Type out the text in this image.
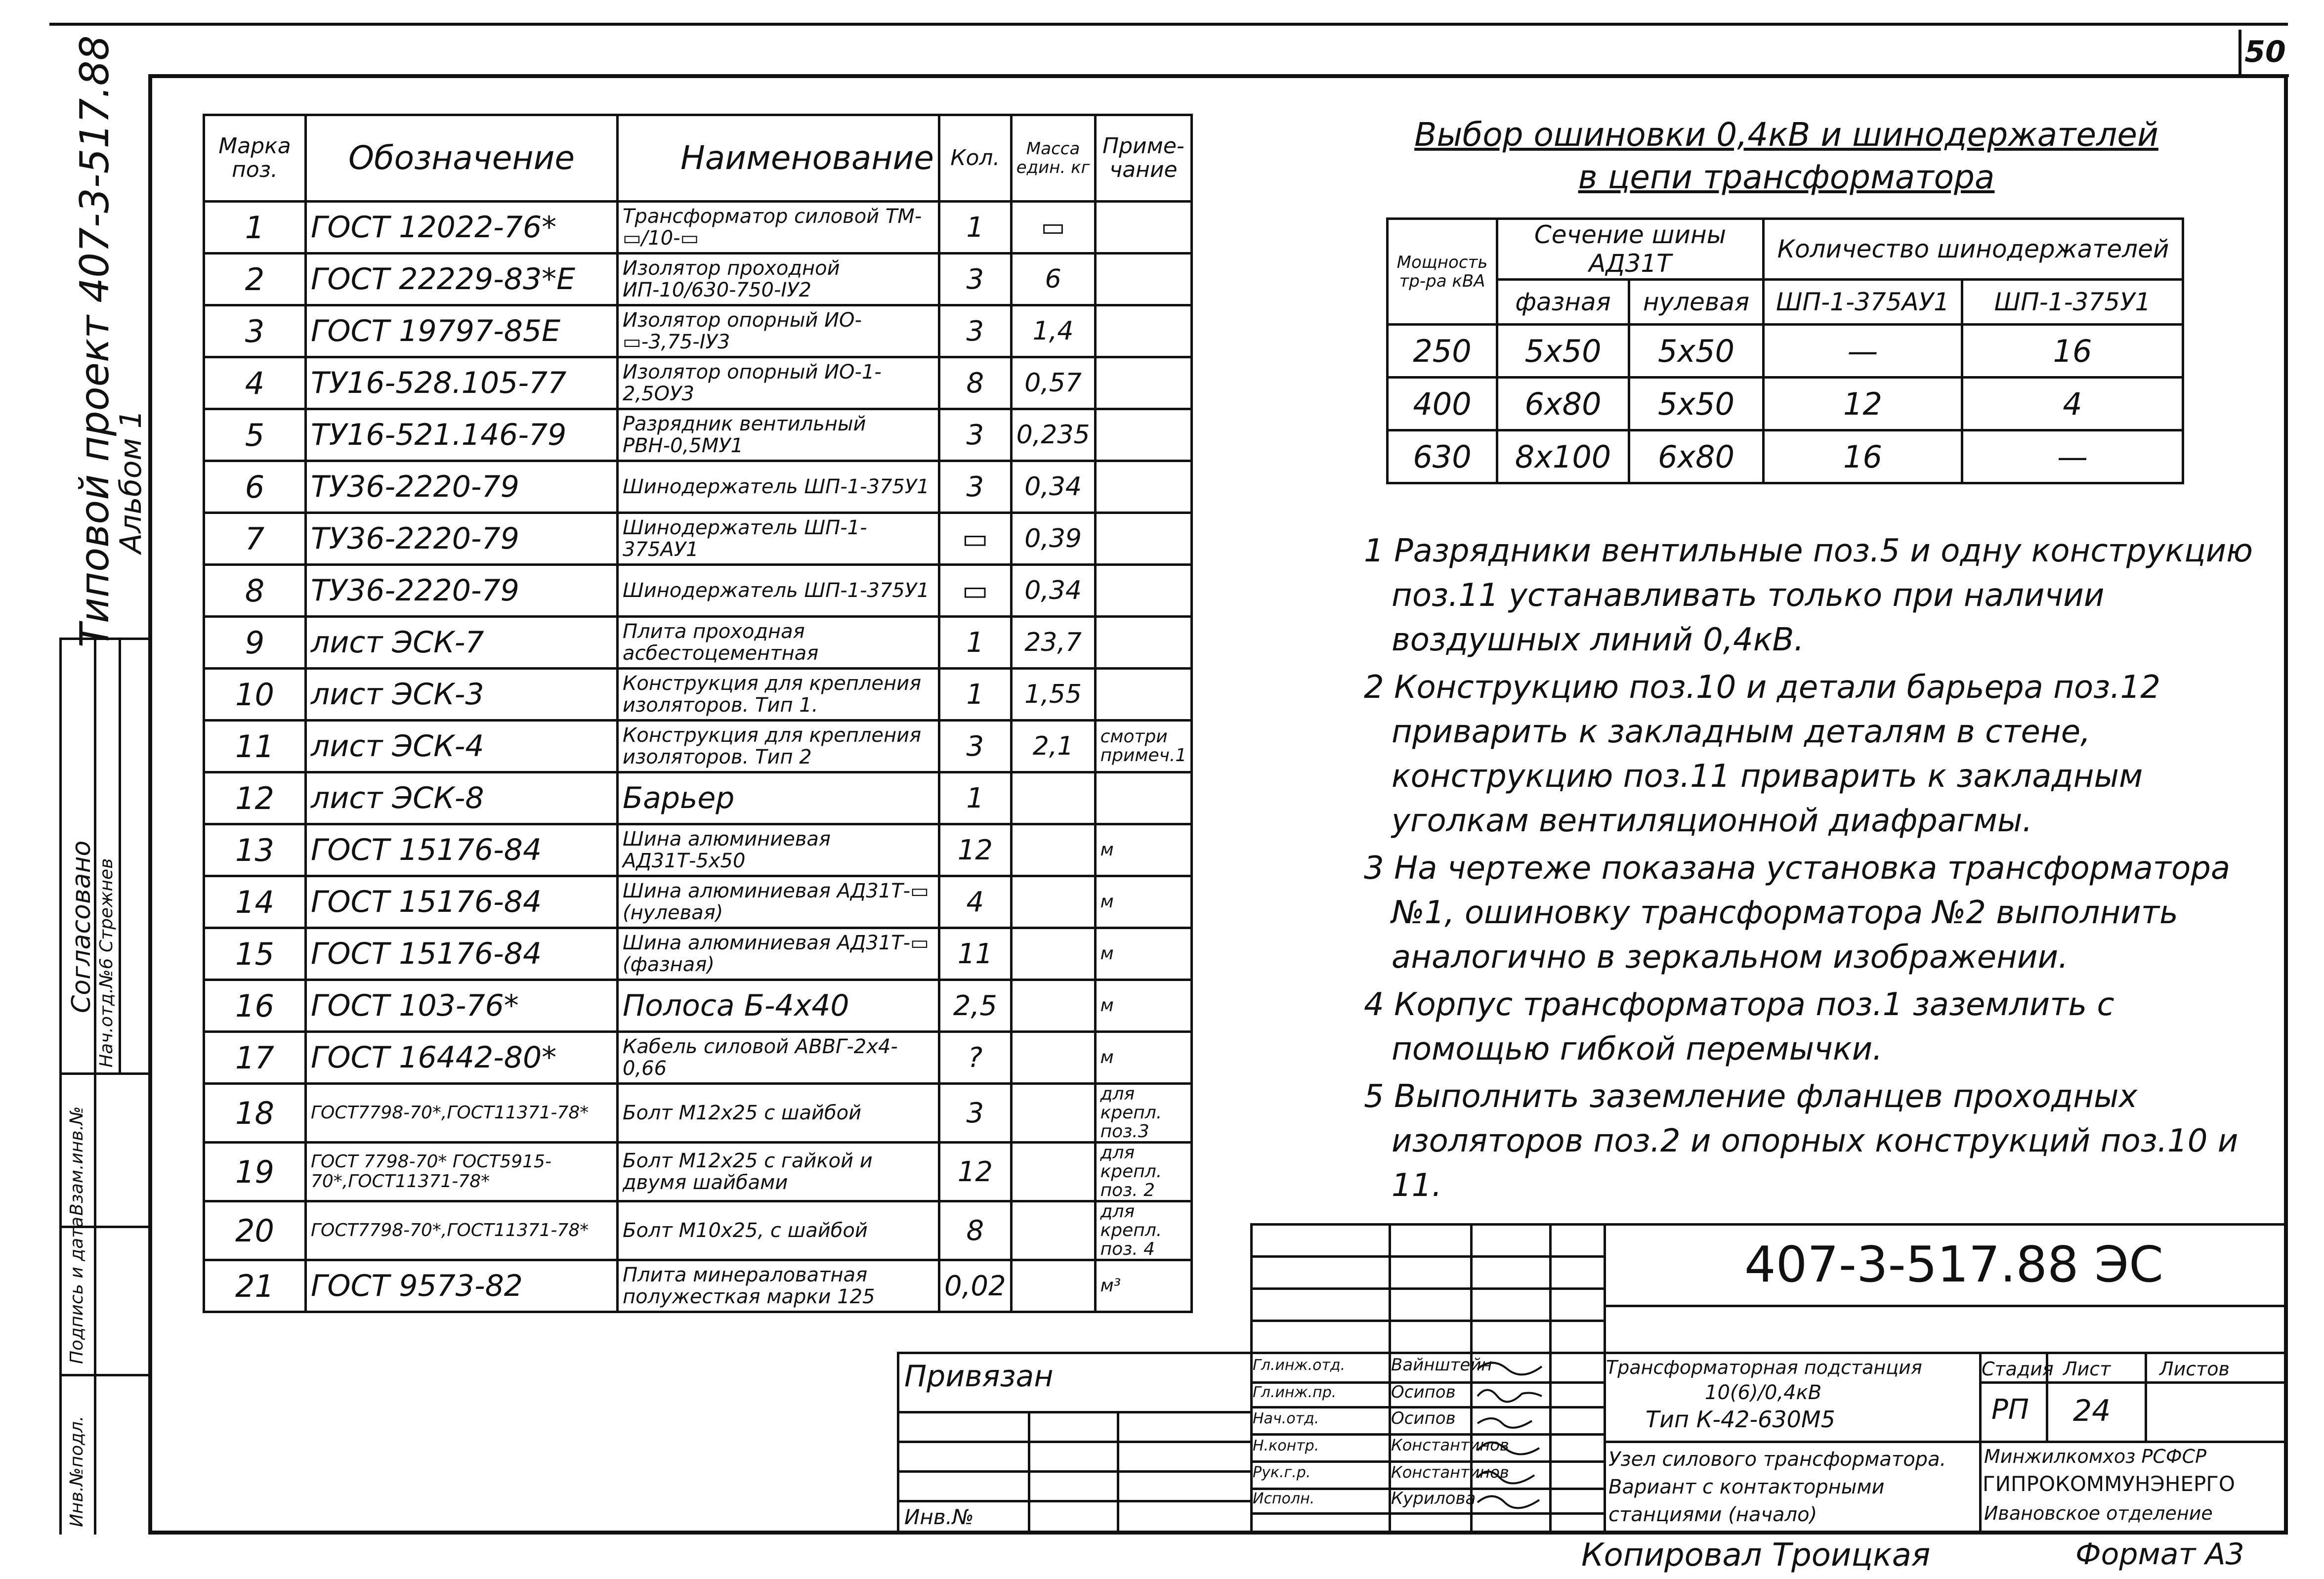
50
Типовой проект 407-3-517.88
Альбом 1
Согласовано Нач.отд.№6 Стрежнев
Взам.инв.№
Подпись и дата
Инв.№подл.
Марка поз.	Обозначение	Наименование	Кол.	Масса един. кг	Приме-чание
1	ГОСТ 12022-76*	Трансформатор силовой ТМ-▭/10-▭	1	▭	
2	ГОСТ 22229-83*Е	Изолятор проходной ИП-10/630-750-IУ2	3	6	
3	ГОСТ 19797-85Е	Изолятор опорный ИО-▭-3,75-IУ3	3	1,4	
4	ТУ16-528.105-77	Изолятор опорный ИО-1-2,5ОУ3	8	0,57	
5	ТУ16-521.146-79	Разрядник вентильный РВН-0,5МУ1	3	0,235	
6	ТУ36-2220-79	Шинодержатель ШП-1-375У1	3	0,34	
7	ТУ36-2220-79	Шинодержатель ШП-1-375АУ1	▭	0,39	
8	ТУ36-2220-79	Шинодержатель ШП-1-375У1	▭	0,34	
9	лист ЭСК-7	Плита проходная асбестоцементная	1	23,7	
10	лист ЭСК-3	Конструкция для крепления изоляторов. Тип 1.	1	1,55	
11	лист ЭСК-4	Конструкция для крепления изоляторов. Тип 2	3	2,1	смотри примеч.1
12	лист ЭСК-8	Барьер	1		
13	ГОСТ 15176-84	Шина алюминиевая АД31Т-5х50	12		м
14	ГОСТ 15176-84	Шина алюминиевая АД31Т-▭ (нулевая)	4		м
15	ГОСТ 15176-84	Шина алюминиевая АД31Т-▭ (фазная)	11		м
16	ГОСТ 103-76*	Полоса Б-4х40	2,5		м
17	ГОСТ 16442-80*	Кабель силовой АВВГ-2х4-0,66	?		м
18	ГОСТ7798-70*,ГОСТ11371-78*	Болт М12х25 с шайбой	3		для крепл. поз.3
19	ГОСТ 7798-70* ГОСТ5915-70*,ГОСТ11371-78*	Болт М12х25 с гайкой и двумя шайбами	12		для крепл. поз. 2
20	ГОСТ7798-70*,ГОСТ11371-78*	Болт М10х25, с шайбой	8		для крепл. поз. 4
21	ГОСТ 9573-82	Плита минераловатная полужесткая марки 125	0,02		м³
Выбор ошиновки 0,4кВ и шинодержателей
в цепи трансформатора
Мощность тр-ра кВА	Сечение шины АД31Т		Количество шинодержателей	
	фазная	нулевая	ШП-1-375АУ1	ШП-1-375У1
250	5х50	5х50	—	16
400	6х80	5х50	12	4
630	8х100	6х80	16	—

1 Разрядники вентильные поз.5 и одну конструкцию поз.11 устанавливать только при наличии воздушных линий 0,4кВ.

2 Конструкцию поз.10 и детали барьера поз.12 приварить к закладным деталям в стене, конструкцию поз.11 приварить к закладным уголкам вентиляционной диафрагмы.

3 На чертеже показана установка трансформатора №1, ошиновку трансформатора №2 выполнить аналогично в зеркальном изображении.

4 Корпус трансформатора поз.1 заземлить с помощью гибкой перемычки.

5 Выполнить заземление фланцев проходных изоляторов поз.2 и опорных конструкций поз.10 и 11.

407-3-517.88 ЭС
Привязан
Инв.№
Гл.инж.отд.	Вайнштейн
Гл.инж.пр.	Осипов
Нач.отд.	Осипов
Н.контр.	Константинов
Рук.г.р.	Константинов
Исполн.	Курилова
Трансформаторная подстанция
10(6)/0,4кВ
Тип К-42-630М5
Узел силового трансформатора. Вариант с контакторными станциями (начало)
Стадия Лист	Листов
РП 24
Минжилкомхоз РСФСР
ГИПРОКОММУНЭНЕРГО
Ивановское отделение
Копировал Троицкая	Формат А3
